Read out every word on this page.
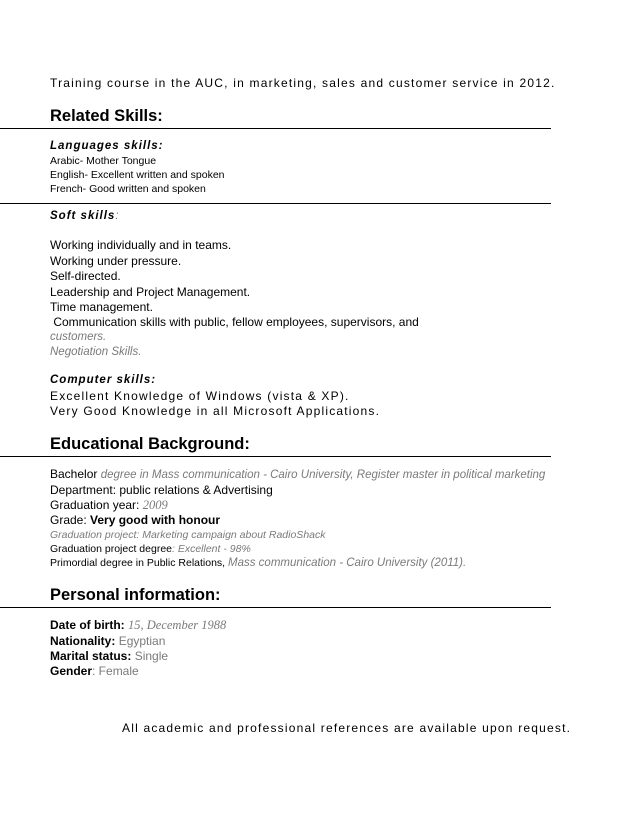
Training course in the AUC, in marketing, sales and customer service in 2012.
Related Skills:
Languages skills:
Arabic- Mother Tongue
English- Excellent written and spoken
French- Good written and spoken
Soft skills:
Working individually and in teams.
Working under pressure.
Self-directed.
Leadership and Project Management.
Time management.
Communication skills with public, fellow employees, supervisors, and
customers.
Negotiation Skills.
Computer skills:
Excellent Knowledge of Windows (vista & XP).
Very Good Knowledge in all Microsoft Applications.
Educational Background:
Bachelor degree in Mass communication - Cairo University, Register master in political marketing
Department: public relations & Advertising
Graduation year: 2009
Grade: Very good with honour
Graduation project: Marketing campaign about RadioShack
Graduation project degree: Excellent - 98%
Primordial degree in Public Relations, Mass communication - Cairo University (2011).
Personal information:
Date of birth: 15, December 1988
Nationality: Egyptian
Marital status: Single
Gender: Female
All academic and professional references are available upon request.
